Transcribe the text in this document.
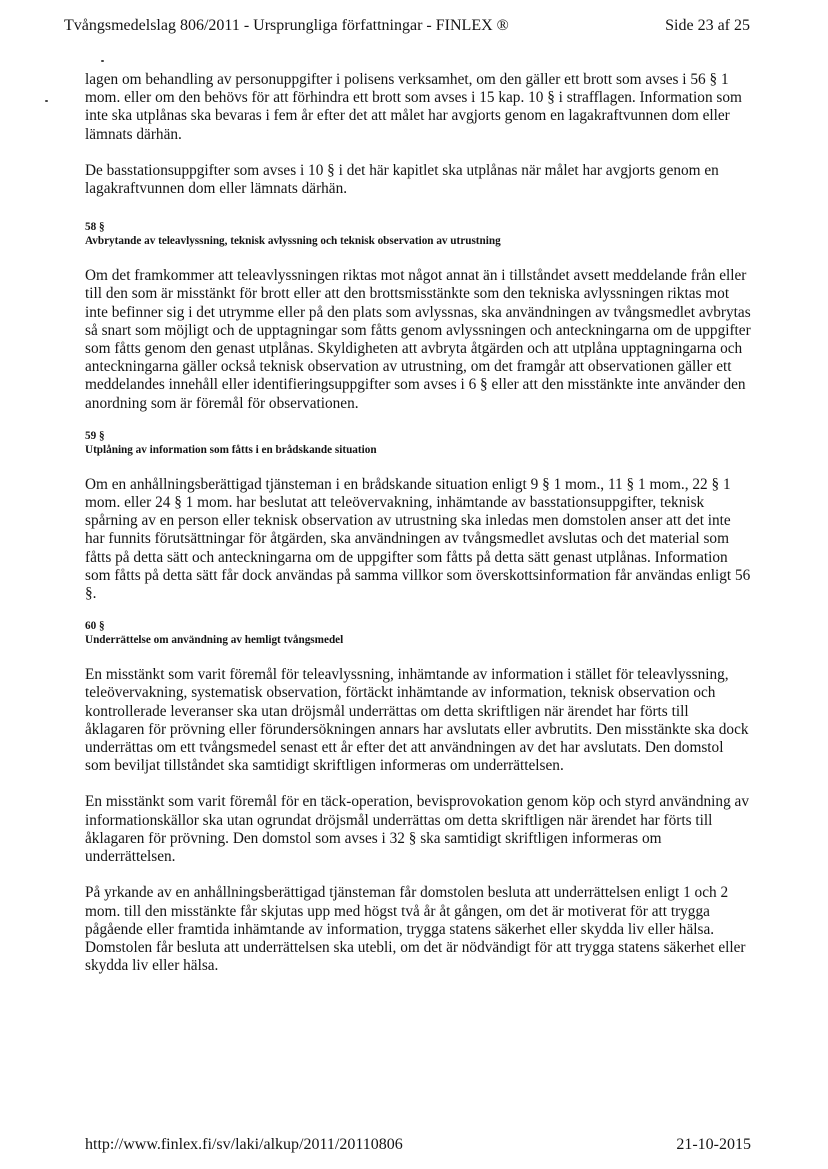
Tvångsmedelslag 806/2011 - Ursprungliga författningar - FINLEX ®	Side 23 af 25

lagen om behandling av personuppgifter i polisens verksamhet, om den gäller ett brott som avses i 56 § 1 mom. eller om den behövs för att förhindra ett brott som avses i 15 kap. 10 § i strafflagen. Information som inte ska utplånas ska bevaras i fem år efter det att målet har avgjorts genom en lagakraftvunnen dom eller lämnats därhän.

De basstationsuppgifter som avses i 10 § i det här kapitlet ska utplånas när målet har avgjorts genom en lagakraftvunnen dom eller lämnats därhän.

58 §

Avbrytande av teleavlyssning, teknisk avlyssning och teknisk observation av utrustning

Om det framkommer att teleavlyssningen riktas mot något annat än i tillståndet avsett meddelande från eller till den som är misstänkt för brott eller att den brottsmisstänkte som den tekniska avlyssningen riktas mot inte befinner sig i det utrymme eller på den plats som avlyssnas, ska användningen av tvångsmedlet avbrytas så snart som möjligt och de upptagningar som fåtts genom avlyssningen och anteckningarna om de uppgifter som fåtts genom den genast utplånas. Skyldigheten att avbryta åtgärden och att utplåna upptagningarna och anteckningarna gäller också teknisk observation av utrustning, om det framgår att observationen gäller ett meddelandes innehåll eller identifieringsuppgifter som avses i 6 § eller att den misstänkte inte använder den anordning som är föremål för observationen.

59 §

Utplåning av information som fåtts i en brådskande situation

Om en anhållningsberättigad tjänsteman i en brådskande situation enligt 9 § 1 mom., 11 § 1 mom., 22 § 1 mom. eller 24 § 1 mom. har beslutat att teleövervakning, inhämtande av basstationsuppgifter, teknisk spårning av en person eller teknisk observation av utrustning ska inledas men domstolen anser att det inte har funnits förutsättningar för åtgärden, ska användningen av tvångsmedlet avslutas och det material som fåtts på detta sätt och anteckningarna om de uppgifter som fåtts på detta sätt genast utplånas. Information som fåtts på detta sätt får dock användas på samma villkor som överskottsinformation får användas enligt 56 §.

60 §

Underrättelse om användning av hemligt tvångsmedel

En misstänkt som varit föremål för teleavlyssning, inhämtande av information i stället för teleavlyssning, teleövervakning, systematisk observation, förtäckt inhämtande av information, teknisk observation och kontrollerade leveranser ska utan dröjsmål underrättas om detta skriftligen när ärendet har förts till åklagaren för prövning eller förundersökningen annars har avslutats eller avbrutits. Den misstänkte ska dock underrättas om ett tvångsmedel senast ett år efter det att användningen av det har avslutats. Den domstol som beviljat tillståndet ska samtidigt skriftligen informeras om underrättelsen.

En misstänkt som varit föremål för en täck-operation, bevisprovokation genom köp och styrd användning av informationskällor ska utan ogrundat dröjsmål underrättas om detta skriftligen när ärendet har förts till åklagaren för prövning. Den domstol som avses i 32 § ska samtidigt skriftligen informeras om underrättelsen.

På yrkande av en anhållningsberättigad tjänsteman får domstolen besluta att underrättelsen enligt 1 och 2 mom. till den misstänkte får skjutas upp med högst två år åt gången, om det är motiverat för att trygga pågående eller framtida inhämtande av information, trygga statens säkerhet eller skydda liv eller hälsa. Domstolen får besluta att underrättelsen ska utebli, om det är nödvändigt för att trygga statens säkerhet eller skydda liv eller hälsa.

http://www.finlex.fi/sv/laki/alkup/2011/20110806	21-10-2015
